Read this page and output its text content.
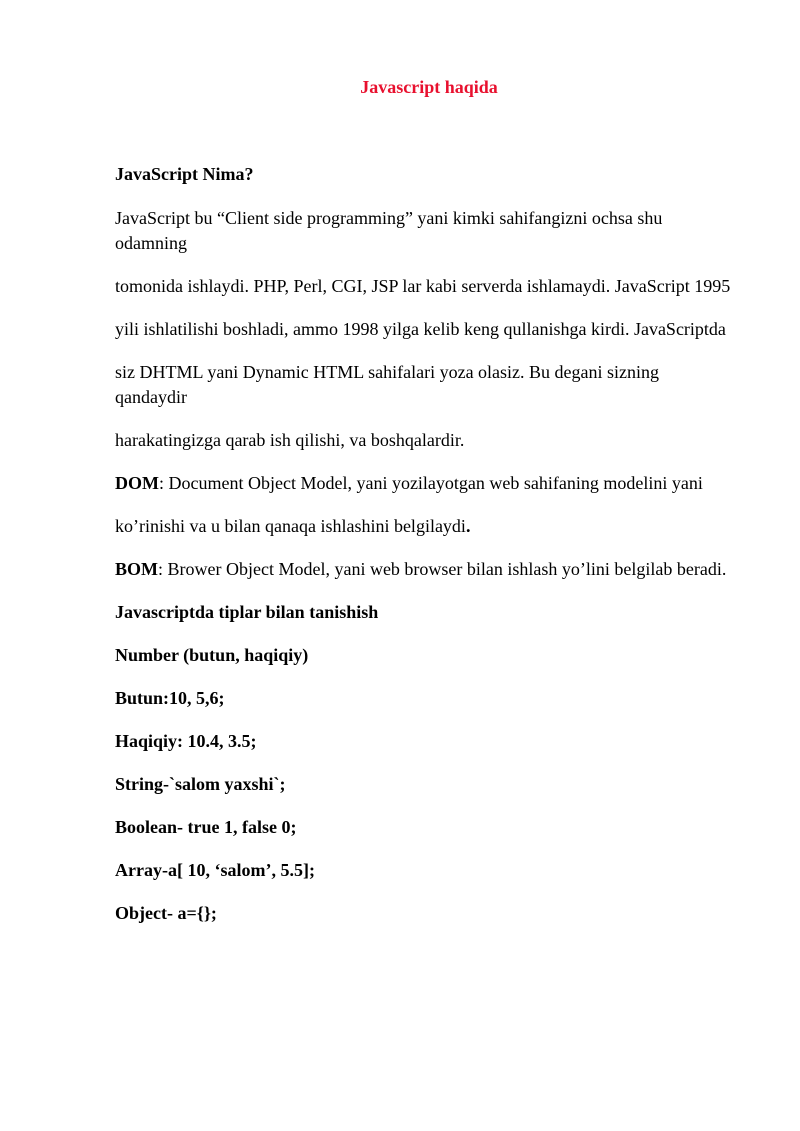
Javascript haqida

JavaScript Nima?

JavaScript bu “Client side programming” yani kimki sahifangizni ochsa shu odamning

tomonida ishlaydi. PHP, Perl, CGI, JSP lar kabi serverda ishlamaydi. JavaScript 1995

yili ishlatilishi boshladi, ammo 1998 yilga kelib keng qullanishga kirdi. JavaScriptda

siz DHTML yani Dynamic HTML sahifalari yoza olasiz. Bu degani sizning qandaydir

harakatingizga qarab ish qilishi, va boshqalardir.

DOM: Document Object Model, yani yozilayotgan web sahifaning modelini yani

ko’rinishi va u bilan qanaqa ishlashini belgilaydi.

BOM: Brower Object Model, yani web browser bilan ishlash yo’lini belgilab beradi.

Javascriptda tiplar bilan tanishish

Number (butun, haqiqiy)

Butun:10, 5,6;

Haqiqiy: 10.4, 3.5;

String-`salom yaxshi`;

Boolean- true 1, false 0;

Array-a[ 10, ‘salom’, 5.5];

Object- a={};
